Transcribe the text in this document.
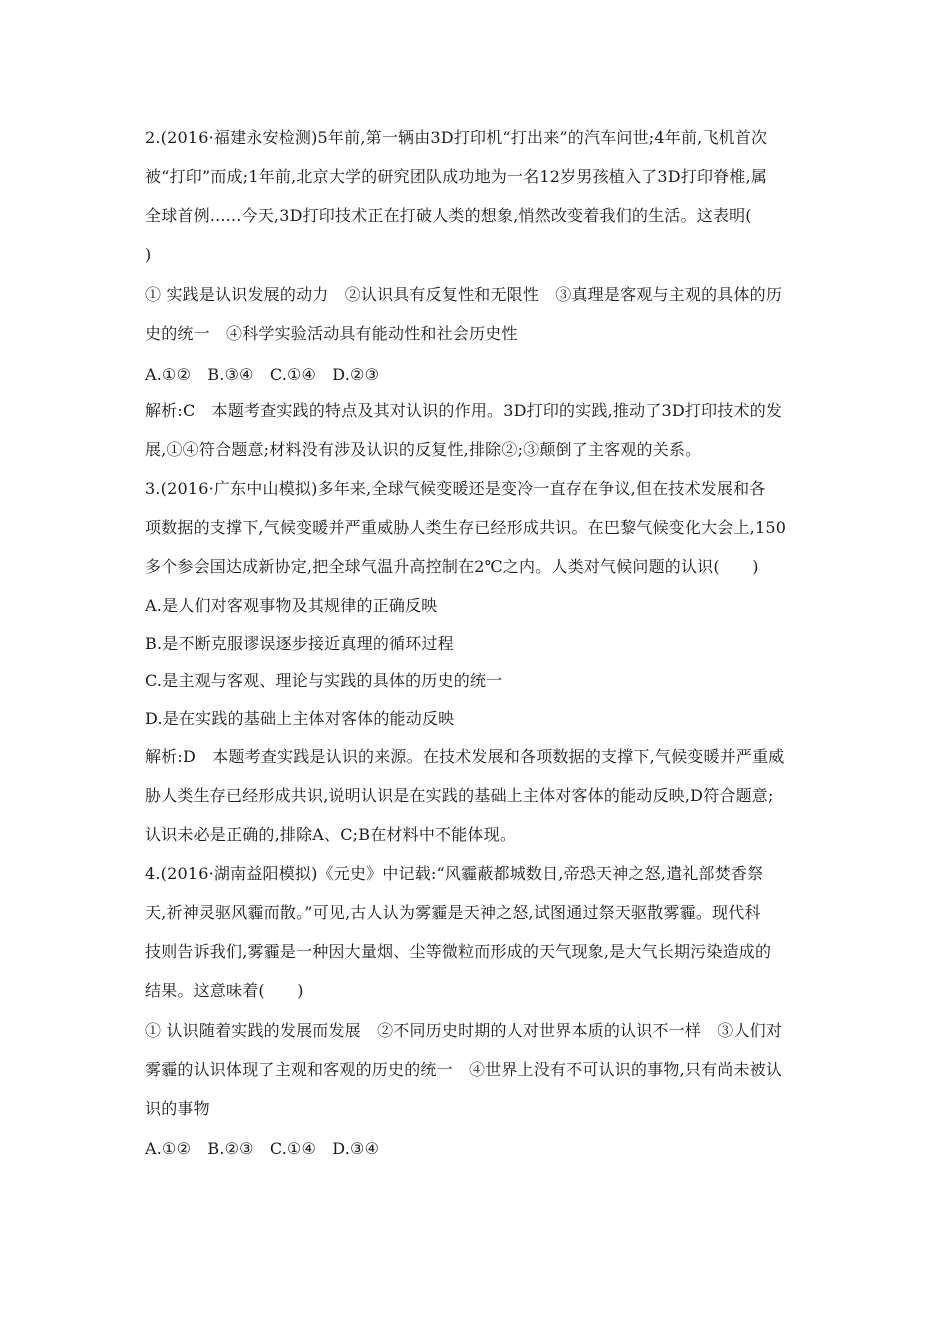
2.(2016·福建永安检测)5年前,第一辆由3D打印机“打出来”的汽车问世;4年前,飞机首次
被“打印”而成;1年前,北京大学的研究团队成功地为一名12岁男孩植入了3D打印脊椎,属
全球首例......今天,3D打印技术正在打破人类的想象,悄然改变着我们的生活。这表明(
)
① 实践是认识发展的动力　②认识具有反复性和无限性　③真理是客观与主观的具体的历
史的统一　④科学实验活动具有能动性和社会历史性
A.①②　B.③④　C.①④　D.②③
解析:C　本题考查实践的特点及其对认识的作用。3D打印的实践,推动了3D打印技术的发
展,①④符合题意;材料没有涉及认识的反复性,排除②;③颠倒了主客观的关系。
3.(2016·广东中山模拟)多年来,全球气候变暖还是变冷一直存在争议,但在技术发展和各
项数据的支撑下,气候变暖并严重威胁人类生存已经形成共识。在巴黎气候变化大会上,150
多个参会国达成新协定,把全球气温升高控制在2℃之内。人类对气候问题的认识(　　)
A.是人们对客观事物及其规律的正确反映
B.是不断克服谬误逐步接近真理的循环过程
C.是主观与客观、理论与实践的具体的历史的统一
D.是在实践的基础上主体对客体的能动反映
解析:D　本题考查实践是认识的来源。在技术发展和各项数据的支撑下,气候变暖并严重威
胁人类生存已经形成共识,说明认识是在实践的基础上主体对客体的能动反映,D符合题意;
认识未必是正确的,排除A、C;B在材料中不能体现。
4.(2016·湖南益阳模拟)《元史》中记载:“风霾蔽都城数日,帝恐天神之怒,遣礼部焚香祭
天,祈神灵驱风霾而散。”可见,古人认为雾霾是天神之怒,试图通过祭天驱散雾霾。现代科
技则告诉我们,雾霾是一种因大量烟、尘等微粒而形成的天气现象,是大气长期污染造成的
结果。这意味着(　　)
① 认识随着实践的发展而发展　②不同历史时期的人对世界本质的认识不一样　③人们对
雾霾的认识体现了主观和客观的历史的统一　④世界上没有不可认识的事物,只有尚未被认
识的事物
A.①②　B.②③　C.①④　D.③④
